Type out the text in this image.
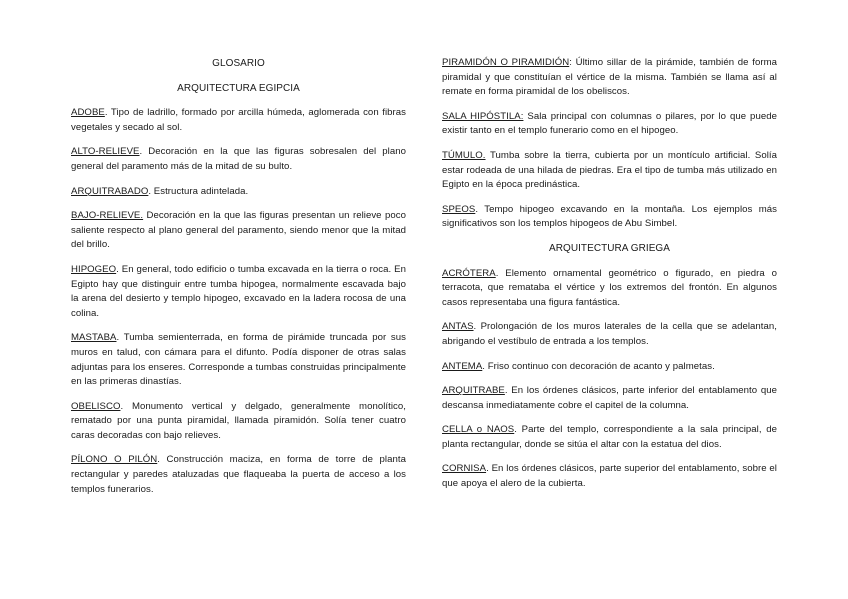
GLOSARIO

ARQUITECTURA EGIPCIA

ADOBE. Tipo de ladrillo, formado por arcilla húmeda, aglomerada con fibras vegetales y secado al sol.

ALTO-RELIEVE. Decoración en la que las figuras sobresalen del plano general del paramento más de la mitad de su bulto.

ARQUITRABADO. Estructura adintelada.

BAJO-RELIEVE. Decoración en la que las figuras presentan un relieve poco saliente respecto al plano general del paramento, siendo menor que la mitad del brillo.

HIPOGEO. En general, todo edificio o tumba excavada en la tierra o roca. En Egipto hay que distinguir entre tumba hipogea, normalmente escavada bajo la arena del desierto y templo hipogeo, excavado en la ladera rocosa de una colina.

MASTABA. Tumba semienterrada, en forma de pirámide truncada por sus muros en talud, con cámara para el difunto. Podía disponer de otras salas adjuntas para los enseres. Corresponde a tumbas construidas principalmente en las primeras dinastías.

OBELISCO. Monumento vertical y delgado, generalmente monolítico, rematado por una punta piramidal, llamada piramidón. Solía tener cuatro caras decoradas con bajo relieves.

PÍLONO O PILÓN. Construcción maciza, en forma de torre de planta rectangular y paredes ataluzadas que flaqueaba la puerta de acceso a los templos funerarios.

PIRAMIDÓN O PIRAMIDIÓN: Último sillar de la pirámide, también de forma piramidal y que constituían el vértice de la misma. También se llama así al remate en forma piramidal de los obeliscos.

SALA HIPÓSTILA: Sala principal con columnas o pilares, por lo que puede existir tanto en el templo funerario como en el hipogeo.

TÚMULO. Tumba sobre la tierra, cubierta por un montículo artificial. Solía estar rodeada de una hilada de piedras. Era el tipo de tumba más utilizado en Egipto en la época predinástica.

SPEOS. Tempo hipogeo excavando en la montaña. Los ejemplos más significativos son los templos hipogeos de Abu Simbel.

ARQUITECTURA GRIEGA

ACRÓTERA. Elemento ornamental geométrico o figurado, en piedra o terracota, que remataba el vértice y los extremos del frontón. En algunos casos representaba una figura fantástica.

ANTAS. Prolongación de los muros laterales de la cella que se adelantan, abrigando el vestíbulo de entrada a los templos.

ANTEMA. Friso continuo con decoración de acanto y palmetas.

ARQUITRABE. En los órdenes clásicos, parte inferior del entablamento que descansa inmediatamente cobre el capitel de la columna.

CELLA o NAOS. Parte del templo, correspondiente a la sala principal, de planta rectangular, donde se sitúa el altar con la estatua del dios.

CORNISA. En los órdenes clásicos, parte superior del entablamento, sobre el que apoya el alero de la cubierta.
